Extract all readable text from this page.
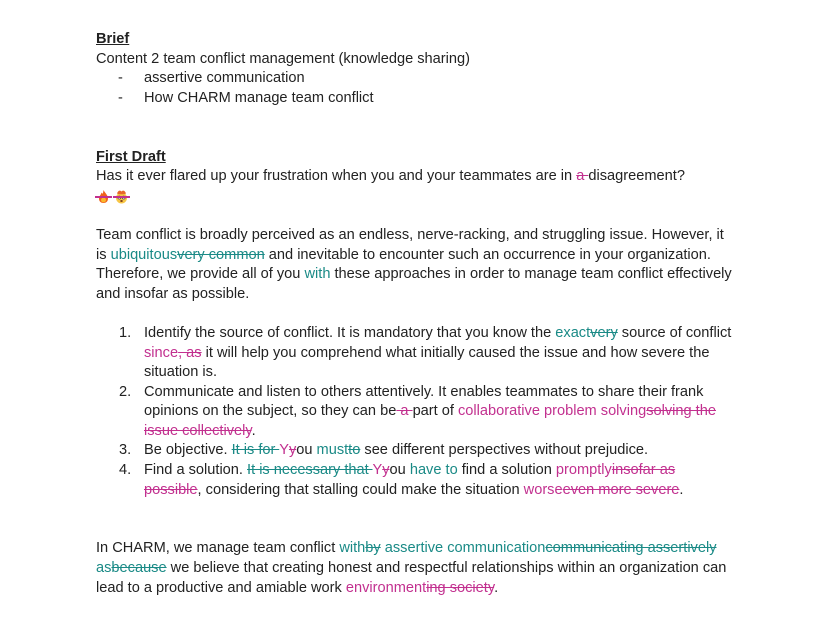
Brief
Content 2 team conflict management (knowledge sharing)
- assertive communication
- How CHARM manage team conflict
First Draft
Has it ever flared up your frustration when you and your teammates are in a disagreement?
Team conflict is broadly perceived as an endless, nerve-racking, and struggling issue. However, it is ubiquitousvery common and inevitable to encounter such an occurrence in your organization. Therefore, we provide all of you with these approaches in order to manage team conflict effectively and insofar as possible.
1. Identify the source of conflict. It is mandatory that you know the exactvery source of conflict since, as it will help you comprehend what initially caused the issue and how severe the situation is.
2. Communicate and listen to others attentively. It enables teammates to share their frank opinions on the subject, so they can be a part of collaborative problem solvingsolving the issue collectively.
3. Be objective. It is for Yyou mustto see different perspectives without prejudice.
4. Find a solution. It is necessary that Yyou have to find a solution promptlyinsofar as possible, considering that stalling could make the situation worseeven more severe.
In CHARM, we manage team conflict withby assertive communicationcommunicating assertively asbecause we believe that creating honest and respectful relationships within an organization can lead to a productive and amiable work environmenting society.
